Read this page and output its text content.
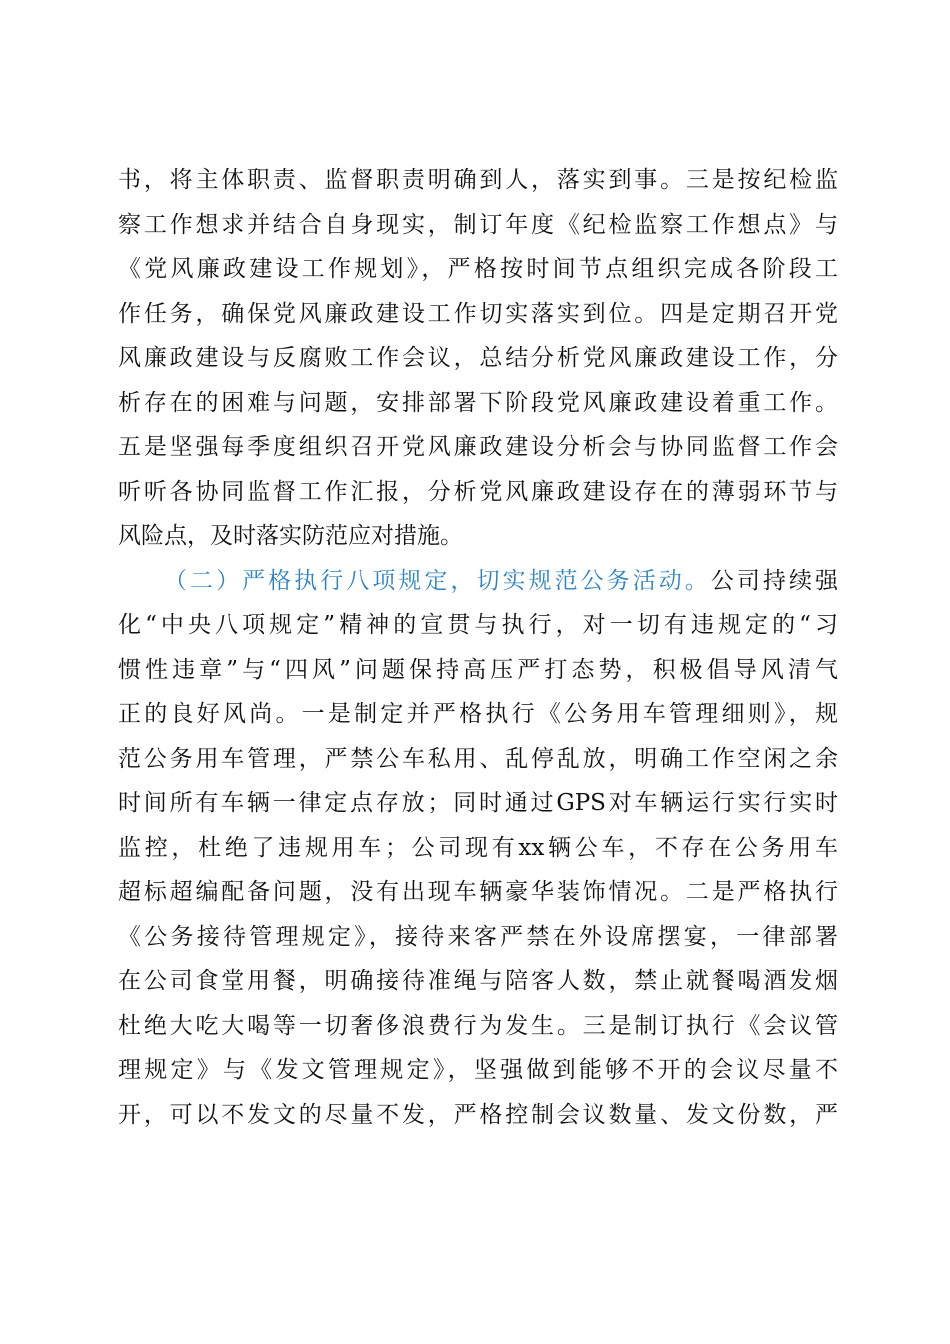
书，将主体职责、监督职责明确到人，落实到事。三是按纪检监
察工作想求并结合自身现实，制订年度《纪检监察工作想点》与
《党风廉政建设工作规划》，严格按时间节点组织完成各阶段工
作任务，确保党风廉政建设工作切实落实到位。四是定期召开党
风廉政建设与反腐败工作会议，总结分析党风廉政建设工作，分
析存在的困难与问题，安排部署下阶段党风廉政建设着重工作。
五是坚强每季度组织召开党风廉政建设分析会与协同监督工作会
听听各协同监督工作汇报，分析党风廉政建设存在的薄弱环节与
风险点，及时落实防范应对措施。
（二）严格执行八项规定，切实规范公务活动。公司持续强
化“中央八项规定”精神的宣贯与执行，对一切有违规定的“习
惯性违章”与“四风”问题保持高压严打态势，积极倡导风清气
正的良好风尚。一是制定并严格执行《公务用车管理细则》，规
范公务用车管理，严禁公车私用、乱停乱放，明确工作空闲之余
时间所有车辆一律定点存放；同时通过GPS对车辆运行实行实时
监控，杜绝了违规用车；公司现有xx辆公车，不存在公务用车
超标超编配备问题，没有出现车辆豪华装饰情况。二是严格执行
《公务接待管理规定》，接待来客严禁在外设席摆宴，一律部署
在公司食堂用餐，明确接待准绳与陪客人数，禁止就餐喝酒发烟
杜绝大吃大喝等一切奢侈浪费行为发生。三是制订执行《会议管
理规定》与《发文管理规定》，坚强做到能够不开的会议尽量不
开，可以不发文的尽量不发，严格控制会议数量、发文份数，严
